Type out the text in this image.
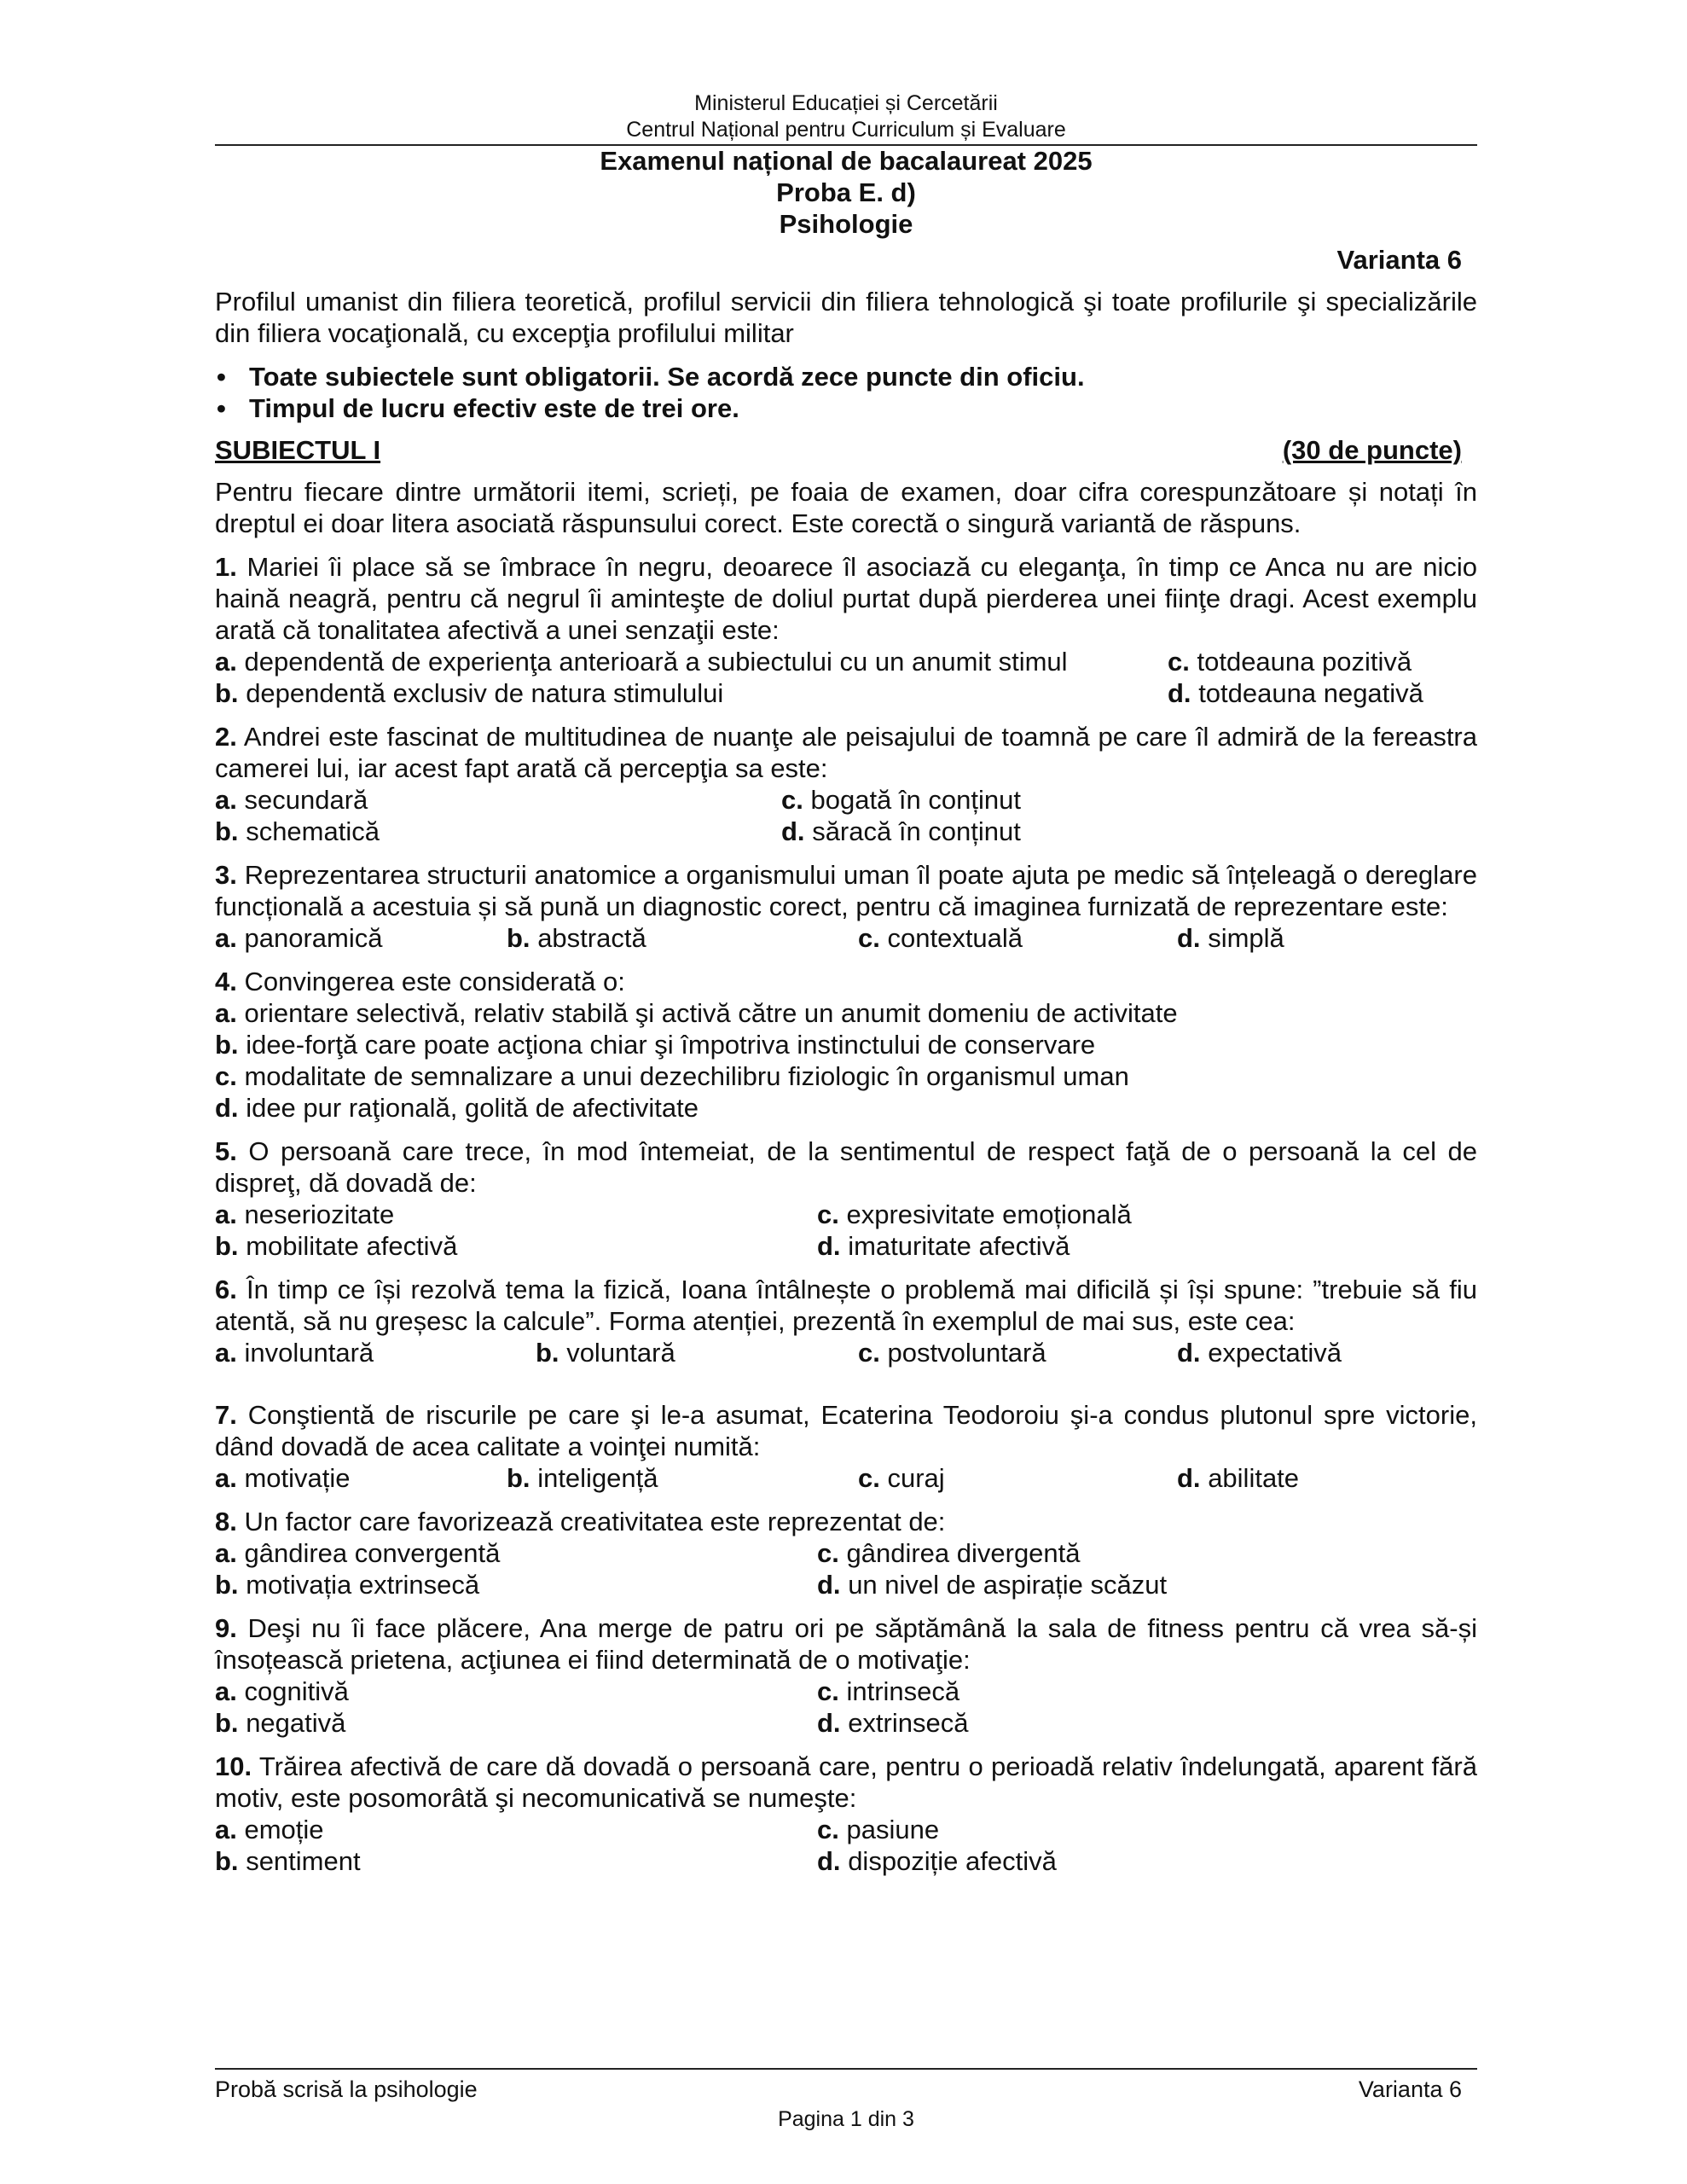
Ministerul Educației și Cercetării
Centrul Național pentru Curriculum și Evaluare
Examenul național de bacalaureat 2025
Proba E. d)
Psihologie
Varianta 6
Profilul umanist din filiera teoretică, profilul servicii din filiera tehnologică şi toate profilurile şi specializările din filiera vocaţională, cu excepţia profilului militar
• Toate subiectele sunt obligatorii. Se acordă zece puncte din oficiu.
• Timpul de lucru efectiv este de trei ore.
SUBIECTUL I	(30 de puncte)
Pentru fiecare dintre următorii itemi, scrieți, pe foaia de examen, doar cifra corespunzătoare și notați în dreptul ei doar litera asociată răspunsului corect. Este corectă o singură variantă de răspuns.
1. Mariei îi place să se îmbrace în negru, deoarece îl asociază cu eleganţa, în timp ce Anca nu are nicio haină neagră, pentru că negrul îi aminteşte de doliul purtat după pierderea unei fiinţe dragi. Acest exemplu arată că tonalitatea afectivă a unei senzaţii este:
a. dependentă de experienţa anterioară a subiectului cu un anumit stimul	c. totdeauna pozitivă
b. dependentă exclusiv de natura stimulului	d. totdeauna negativă
2. Andrei este fascinat de multitudinea de nuanţe ale peisajului de toamnă pe care îl admiră de la fereastra camerei lui, iar acest fapt arată că percepţia sa este:
a. secundară	c. bogată în conținut
b. schematică	d. săracă în conținut
3. Reprezentarea structurii anatomice a organismului uman îl poate ajuta pe medic să înțeleagă o dereglare funcțională a acestuia și să pună un diagnostic corect, pentru că imaginea furnizată de reprezentare este:
a. panoramică	b. abstractă	c. contextuală	d. simplă
4. Convingerea este considerată o:
a. orientare selectivă, relativ stabilă şi activă către un anumit domeniu de activitate
b. idee-forţă care poate acţiona chiar şi împotriva instinctului de conservare
c. modalitate de semnalizare a unui dezechilibru fiziologic în organismul uman
d. idee pur raţională, golită de afectivitate
5. O persoană care trece, în mod întemeiat, de la sentimentul de respect faţă de o persoană la cel de dispreţ, dă dovadă de:
a. neseriozitate	c. expresivitate emoțională
b. mobilitate afectivă	d. imaturitate afectivă
6. În timp ce își rezolvă tema la fizică, Ioana întâlnește o problemă mai dificilă și își spune: ”trebuie să fiu atentă, să nu greșesc la calcule”. Forma atenției, prezentă în exemplul de mai sus, este cea:
a. involuntară	b. voluntară	c. postvoluntară	d. expectativă
7. Conştientă de riscurile pe care şi le-a asumat, Ecaterina Teodoroiu şi-a condus plutonul spre victorie, dând dovadă de acea calitate a voinţei numită:
a. motivație	b. inteligență	c. curaj	d. abilitate
8. Un factor care favorizează creativitatea este reprezentat de:
a. gândirea convergentă	c. gândirea divergentă
b. motivația extrinsecă	d. un nivel de aspirație scăzut
9. Deşi nu îi face plăcere, Ana merge de patru ori pe săptămână la sala de fitness pentru că vrea să-și însoțească prietena, acţiunea ei fiind determinată de o motivaţie:
a. cognitivă	c. intrinsecă
b. negativă	d. extrinsecă
10. Trăirea afectivă de care dă dovadă o persoană care, pentru o perioadă relativ îndelungată, aparent fără motiv, este posomorâtă şi necomunicativă se numeşte:
a. emoție	c. pasiune
b. sentiment	d. dispoziție afectivă
Probă scrisă la psihologie	Varianta 6
Pagina 1 din 3
